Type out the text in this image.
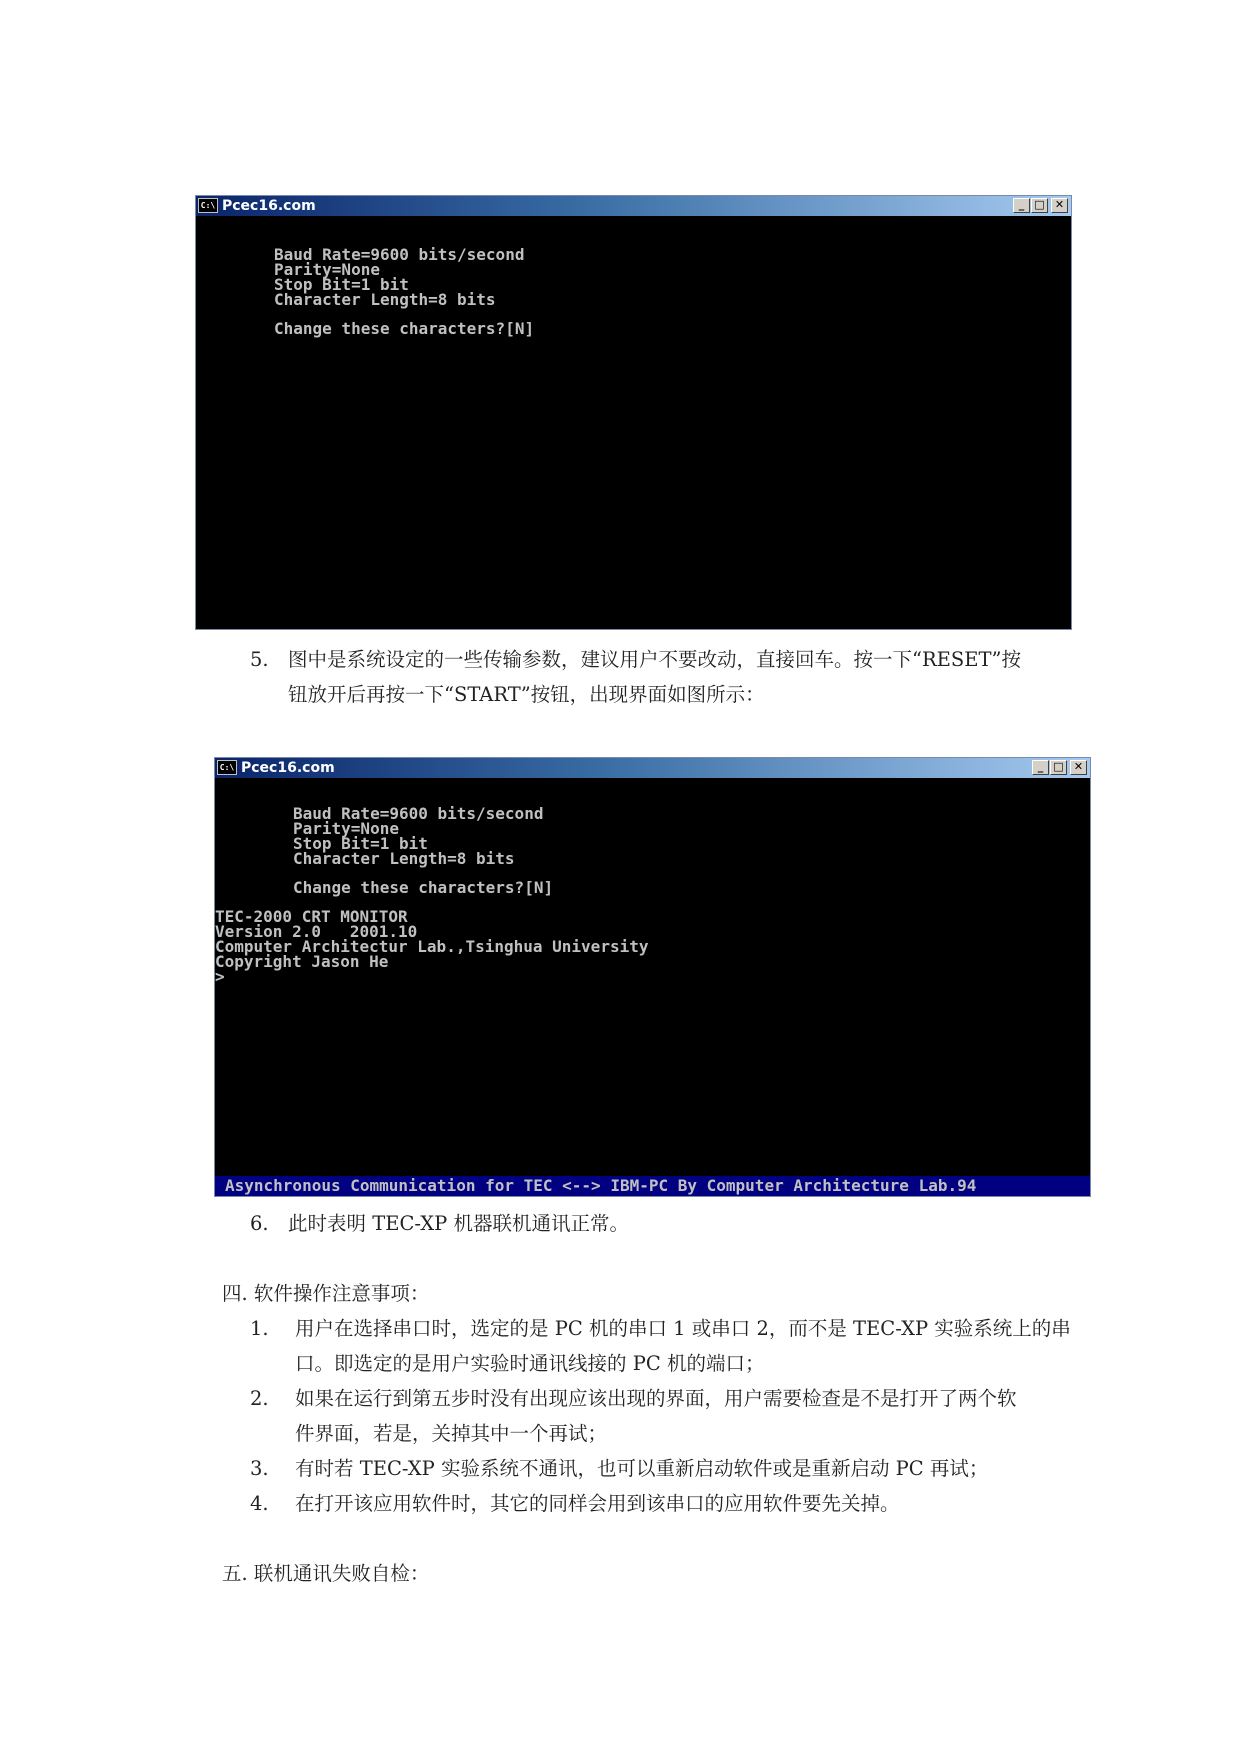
C:\ Pcec16.com	_ □ ✕
Baud Rate=9600 bits/second
Parity=None
Stop Bit=1 bit
Character Length=8 bits
Change these characters?[N]

5. 图中是系统设定的一些传输参数，建议用户不要改动，直接回车。按一下“RESET”按

钮放开后再按一下“START”按钮，出现界面如图所示：

C:\ Pcec16.com	_ □ ✕
Baud Rate=9600 bits/second
Parity=None
Stop Bit=1 bit
Character Length=8 bits
Change these characters?[N]
TEC-2000 CRT MONITOR
Version 2.0   2001.10
Computer Architectur Lab.,Tsinghua University
Copyright Jason He
>
Asynchronous Communication for TEC <--> IBM-PC By Computer Architecture Lab.94

6. 此时表明 TEC-XP 机器联机通讯正常。

四. 软件操作注意事项：

1. 用户在选择串口时，选定的是 PC 机的串口 1 或串口 2，而不是 TEC-XP 实验系统上的串

口。即选定的是用户实验时通讯线接的 PC 机的端口；

2. 如果在运行到第五步时没有出现应该出现的界面，用户需要检查是不是打开了两个软

件界面，若是，关掉其中一个再试；

3. 有时若 TEC-XP 实验系统不通讯，也可以重新启动软件或是重新启动 PC 再试；

4. 在打开该应用软件时，其它的同样会用到该串口的应用软件要先关掉。

五. 联机通讯失败自检：
